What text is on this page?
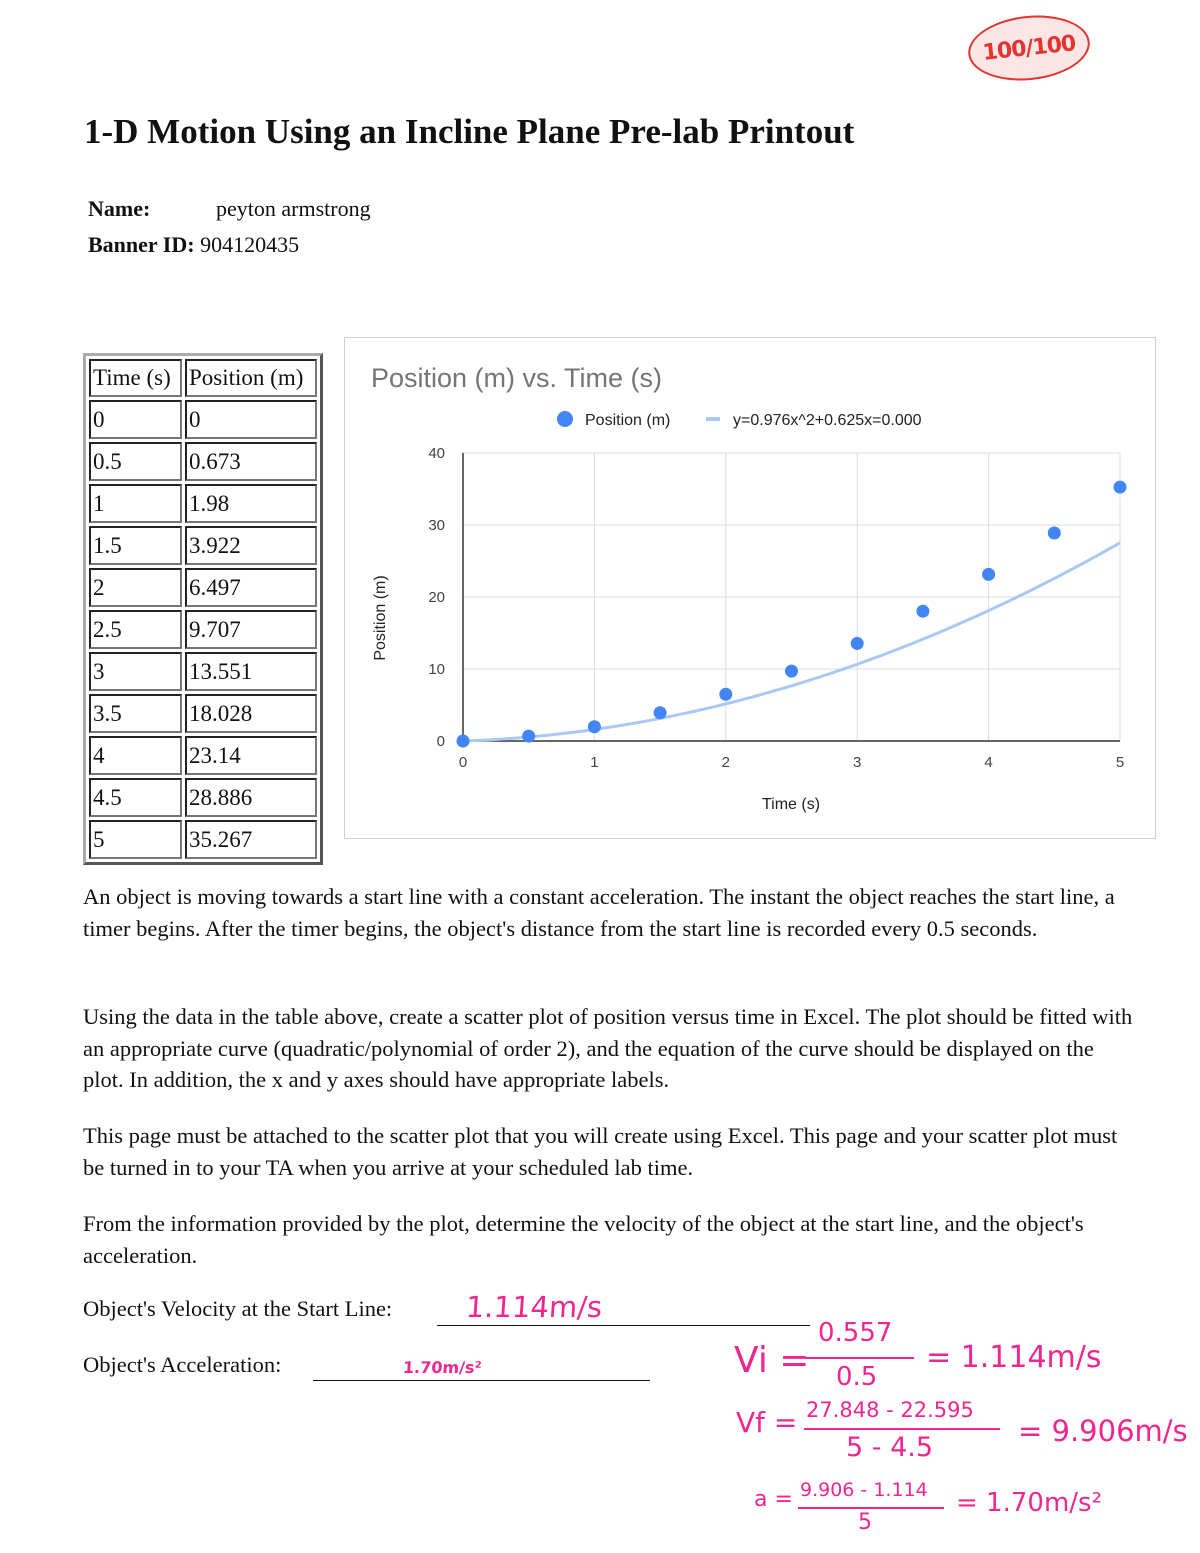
100/100
1-D Motion Using an Incline Plane Pre-lab Printout
Name:	peyton armstrong
Banner ID: 904120435
Time (s)	Position (m)
0	0
0.5	0.673
1	1.98
1.5	3.922
2	6.497
2.5	9.707
3	13.551
3.5	18.028
4	23.14
4.5	28.886
5	35.267
Position (m) vs. Time (s)
Position (m)	y=0.976x^2+0.625x=0.000
0	1	2	3	4	5
0
10
20
30
40
Time (s)
Position (m)

An object is moving towards a start line with a constant acceleration. The instant the object reaches the start line, a timer begins. After the timer begins, the object's distance from the start line is recorded every 0.5 seconds.

Using the data in the table above, create a scatter plot of position versus time in Excel. The plot should be fitted with an appropriate curve (quadratic/polynomial of order 2), and the equation of the curve should be displayed on the plot. In addition, the x and y axes should have appropriate labels.

This page must be attached to the scatter plot that you will create using Excel. This page and your scatter plot must be turned in to your TA when you arrive at your scheduled lab time.

From the information provided by the plot, determine the velocity of the object at the start line, and the object's acceleration.

Object's Velocity at the Start Line:	1.114m/s
Object's Acceleration:	1.70m/s²	Vi =
0.557
0.5
= 1.114m/s
Vf = 27.848 - 22.595
5 - 4.5	= 9.906m/s
a = 9.906 - 1.114
5
= 1.70m/s²
